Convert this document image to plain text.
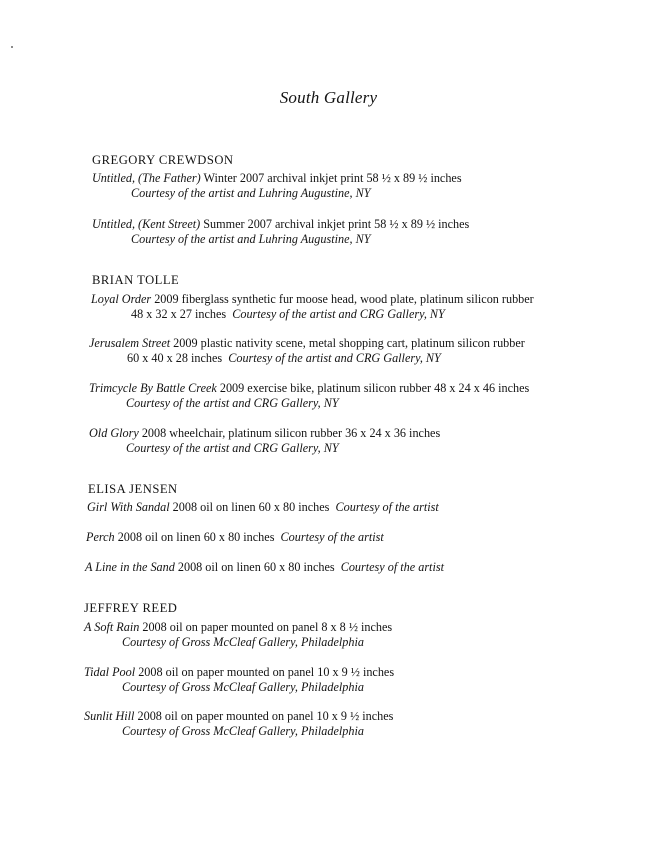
South Gallery
GREGORY CREWDSON
Untitled, (The Father) Winter 2007 archival inkjet print 58 ½ x 89 ½ inches
Courtesy of the artist and Luhring Augustine, NY
Untitled, (Kent Street) Summer 2007 archival inkjet print 58 ½ x 89 ½ inches
Courtesy of the artist and Luhring Augustine, NY
BRIAN TOLLE
Loyal Order 2009 fiberglass synthetic fur moose head, wood plate, platinum silicon rubber
48 x 32 x 27 inches Courtesy of the artist and CRG Gallery, NY
Jerusalem Street 2009 plastic nativity scene, metal shopping cart, platinum silicon rubber
60 x 40 x 28 inches Courtesy of the artist and CRG Gallery, NY
Trimcycle By Battle Creek 2009 exercise bike, platinum silicon rubber 48 x 24 x 46 inches
Courtesy of the artist and CRG Gallery, NY
Old Glory 2008 wheelchair, platinum silicon rubber 36 x 24 x 36 inches
Courtesy of the artist and CRG Gallery, NY
ELISA JENSEN
Girl With Sandal 2008 oil on linen 60 x 80 inches Courtesy of the artist
Perch 2008 oil on linen 60 x 80 inches Courtesy of the artist
A Line in the Sand 2008 oil on linen 60 x 80 inches Courtesy of the artist
JEFFREY REED
A Soft Rain 2008 oil on paper mounted on panel 8 x 8 ½ inches
Courtesy of Gross McCleaf Gallery, Philadelphia
Tidal Pool 2008 oil on paper mounted on panel 10 x 9 ½ inches
Courtesy of Gross McCleaf Gallery, Philadelphia
Sunlit Hill 2008 oil on paper mounted on panel 10 x 9 ½ inches
Courtesy of Gross McCleaf Gallery, Philadelphia
